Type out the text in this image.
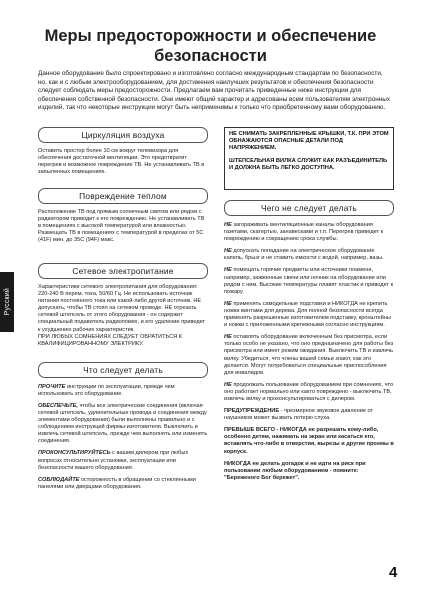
Меры предосторожности и обеспечение безопасности

Данное оборудование было спроектировано и изготовлено согласно международным стандартам по безопасности, но, как и с любым электрооборудованием, для достижения наилучших результатов и обеспечения безопасности следует соблюдать меры предосторожности. Предлагаем вам прочитать приведенные ниже инструкции для обеспечения собственной безопасности. Они имеют общий характер и адресованы всем пользователям электронных изделий, так что некоторые инструкции могут быть неприменимы к только что приобретенному вами оборудованию.

Русский
Циркуляция воздуха

Оставить простор более 10 см вокруг телевизора для обеспечения достаточной вентиляции. Это предотвратит перегрев и возможное повреждение ТВ. Не устанавливать ТВ в запыленных помещениях.

Повреждение теплом

Расположение ТВ под прямым солнечным светом или рядом с радиатором приводит к его повреждению. Не устанавливать ТВ в помещениях с высокой температурой или влажностью. Размещать ТВ в помещениях с температурой в пределах от 5С (41F) мин. до 35С (94F) макс.

Сетевое электропитание

Характеристики сетевого электропитания для оборудования: 220-240 В перем. тока, 50/60 Гц. Не использовать источник питания постоянного тока или какой-либо другой источник. НЕ допускать, чтобы ТВ стоял на сетевом проводе. НЕ отрезать сетевой штепсель от этого оборудования - он содержит специальный подавитель радиопомех, и его удаление приведет к ухудшению рабочих характеристик.

ПРИ ЛЮБЫХ СОМНЕНИЯХ СЛЕДУЕТ ОБРАТИТЬСЯ К КВАЛИФИЦИРОВАННОМУ ЭЛЕКТРИКУ.

Что следует делать

ПРОЧИТЕ инструкции по эксплуатации, прежде чем использовать это оборудование.

ОБЕСПЕЧЬТЕ, чтобы все электрические соединения (включая сетевой штепсель, удлинительные провода и соединения между элементами оборудования) были выполнены правильно и с соблюдением инструкций фирмы-изготовителя. Выключить и извлечь сетевой штепсель, прежде чем выполнять или изменять соединения.

ПРОКОНСУЛЬТИРУЙТЕСЬ с вашим дилером при любых вопросах относительно установки, эксплуатации или безопасности вашего оборудования.

СОБЛЮДАЙТЕ осторожность в обращении со стеклянными панелями или дверцами оборудования.

НЕ СНИМАТЬ ЗАКРЕПЛЕННЫЕ КРЫШКИ, Т.К. ПРИ ЭТОМ ОБНАЖАЮТСЯ ОПАСНЫЕ ДЕТАЛИ ПОД НАПРЯЖЕНИЕМ.

ШТЕПСЕЛЬНАЯ ВИЛКА СЛУЖИТ КАК РАЗЪЕДИНИТЕЛЬ И ДОЛЖНА БЫТЬ ЛЕГКО ДОСТУПНА.

Чего не следует делать

НЕ загораживать вентиляционные каналы оборудования газетами, скатертью, занавесками и т.п. Перегрев приведет к повреждению и сокращению срока службы.

НЕ допускать попадание на электрическое оборудование капель, брызг и не ставить емкости с водой, например, вазы.

НЕ помещать горячие предметы или источники пламени, например, зажженные свечи или ночник на оборудование или рядом с ним. Высокие температуры плавят пластик и приводят к пожару.

НЕ применять самодельные подставки и НИКОГДА не крепить ножки винтами для дерева. Для полной безопасности всегда применять разрешенные изготовителем подставку, кронштейны и ножки с приложенными крепежными согласно инструкциям.

НЕ оставлять оборудование включенным без присмотра, если только особо не указано, что оно предназначено для работы без присмотра или имеет режим ожидания. Выключить ТВ и извлечь вилку. Убедиться, что члены вашей семьи знают, как это делается. Могут потребоваться специальные приспособления для инвалидов.

НЕ продолжать пользование оборудованием при сомнениях, что оно работает нормально или както повреждено - выключить ТВ, извлечь вилку и проконсультироваться с дилером.

ПРЕДУПРЕЖДЕНИЕ - чрезмерное звуковое давление от наушников может вызвать потерю слуха.

ПРЕВЫШЕ ВСЕГО - НИКОГДА не разрешать кому-либо, особенно детям, нажимать на экран или касаться его, вставлять что-либо в отверстия, вырезы и другие проемы в корпусе.

НИКОГДА не делать догадок и не идти на риск при пользовании любым оборудованием - помните: "Береженого Бог бережет".

4
